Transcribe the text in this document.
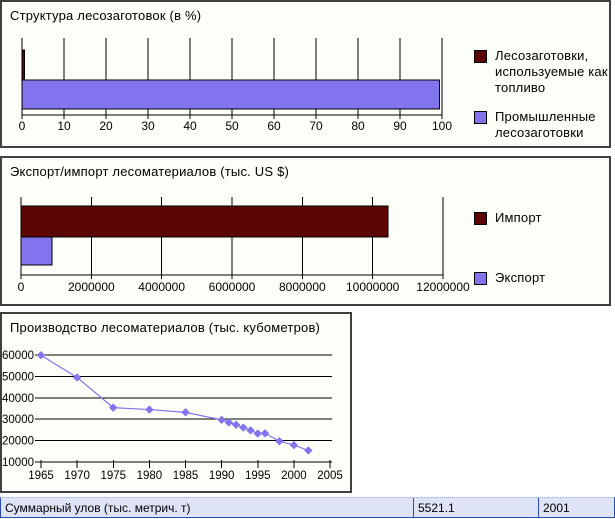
Структура лесозаготовок (в %)
0	10 20 30 40 50 60 70 80 90 100
Лесозаготовки,
используемые как
топливо
Промышленные
лесозаготовки
Экспорт/импорт лесоматериалов (тыс. US $)
0	2000000 4000000 6000000 8000000 10000000 12000000
Импорт
Экспорт
Производство лесоматериалов (тыс. кубометров)
10000
20000
30000
40000
50000
60000
1965 1970 1975 1980 1985 1990 1995 2000 2005
Суммарный улов (тыс. метрич. т)	5521.1	2001
